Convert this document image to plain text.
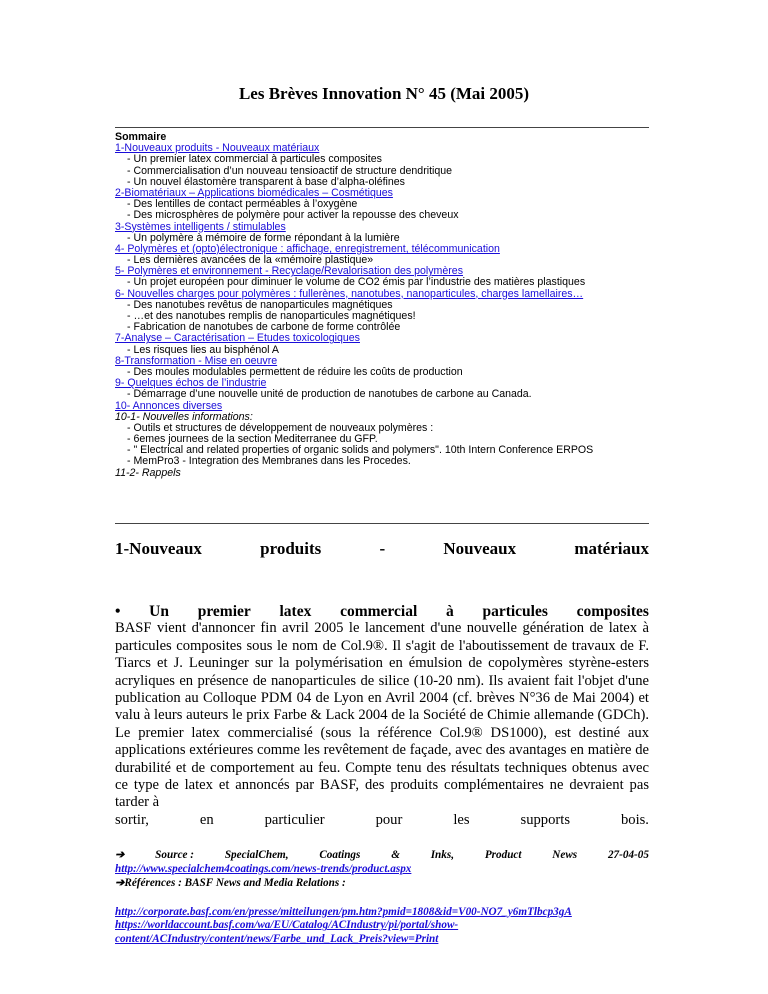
Les Brèves Innovation N° 45 (Mai 2005)
Sommaire
1-Nouveaux produits - Nouveaux matériaux
- Un premier latex commercial à particules composites
- Commercialisation d’un nouveau tensioactif de structure dendritique
- Un nouvel élastomère transparent à base d’alpha-oléfines
2-Biomatériaux – Applications biomédicales – Cosmétiques
- Des lentilles de contact perméables à l’oxygène
- Des microsphères de polymère pour activer la repousse des cheveux
3-Systèmes intelligents / stimulables
- Un polymère à mémoire de forme répondant à la lumière
4- Polymères et (opto)électronique : affichage, enregistrement, télécommunication
- Les dernières avancées de la «mémoire plastique»
5- Polymères et environnement - Recyclage/Revalorisation des polymères
- Un projet européen pour diminuer le volume de CO2 émis par l’industrie des matières plastiques
6- Nouvelles charges pour polymères : fullerènes, nanotubes, nanoparticules, charges lamellaires…
- Des nanotubes revêtus de nanoparticules magnétiques
- …et des nanotubes remplis de nanoparticules magnétiques!
- Fabrication de nanotubes de carbone de forme contrôlée
7-Analyse – Caractérisation – Etudes toxicologiques
- Les risques lies au bisphénol A
8-Transformation - Mise en oeuvre
- Des moules modulables permettent de réduire les coûts de production
9- Quelques échos de l’industrie
- Démarrage d’une nouvelle unité de production de nanotubes de carbone au Canada.
10- Annonces diverses
10-1- Nouvelles informations:
- Outils et structures de développement de nouveaux polymères :
- 6emes journees de la section Mediterranee du GFP.
- " Electrical and related properties of organic solids and polymers". 10th Intern Conference ERPOS
- MemPro3 - Integration des Membranes dans les Procedes.
11-2- Rappels
1-Nouveaux	produits	-	Nouveaux	matériaux
• Un premier latex commercial à particules composites
BASF vient d'annoncer fin avril 2005 le lancement d'une nouvelle génération de latex à particules composites sous le nom de Col.9®. Il s'agit de l'aboutissement de travaux de F. Tiarcs et J. Leuninger sur la polymérisation en émulsion de copolymères styrène-esters acryliques en présence de nanoparticules de silice (10-20 nm). Ils avaient fait l'objet d'une publication au Colloque PDM 04 de Lyon en Avril 2004 (cf. brèves N°36 de Mai 2004) et valu à leurs auteurs le prix Farbe & Lack 2004 de la Société de Chimie allemande (GDCh). Le premier latex commercialisé (sous la référence Col.9® DS1000), est destiné aux applications extérieures comme les revêtement de façade, avec des avantages en matière de durabilité et de comportement au feu. Compte tenu des résultats techniques obtenus avec ce type de latex et annoncés par BASF, des produits complémentaires ne devraient pas tarder à
sortir,	en	particulier	pour	les	supports	bois.
➔	Source :	SpecialChem,	Coatings	&	Inks,	Product	News	27-04-05
http://www.specialchem4coatings.com/news-trends/product.aspx
➔Références : BASF News and Media Relations :
http://corporate.basf.com/en/presse/mitteilungen/pm.htm?pmid=1808&id=V00-NO7_y6mTlbcp3gA
https://worldaccount.basf.com/wa/EU/Catalog/ACIndustry/pi/portal/show-
content/ACIndustry/content/news/Farbe_und_Lack_Preis?view=Print
